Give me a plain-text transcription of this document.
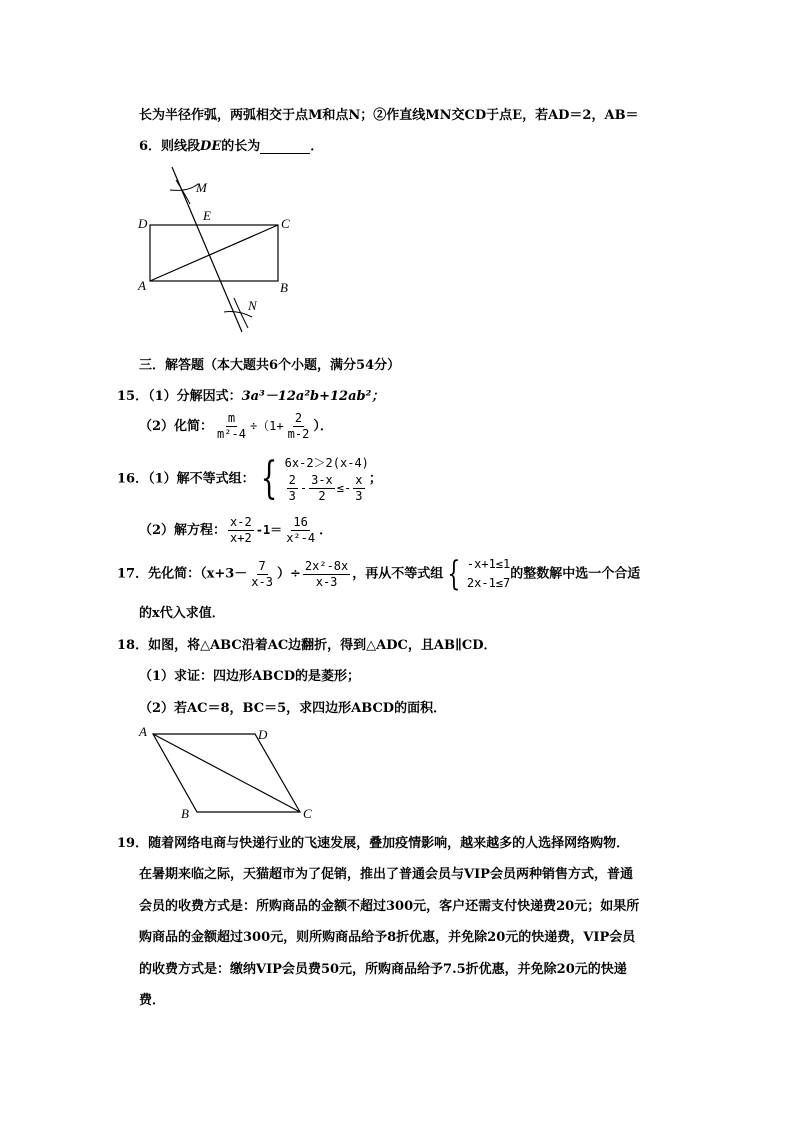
长为半径作弧，两弧相交于点M和点N；②作直线MN交CD于点E，若AD＝2，AB＝
6．则线段DE的长为	．
M
N
D
E
C
A	B
三．解答题（本大题共6个小题，满分54分）
15．（1）分解因式：3a³－12a²b+12ab²；
（2）化简： $\frac{m}{\text{m²-4}} \div(1+ \frac{2}{m-2}$ ）．
16．（1）解不等式组： { 6x-2＞2(x-4)
$\frac{2}{3} - \frac{3-x}{2} \le- \frac{x}{3}$ ；
（2）解方程： $\frac{x-2}{x+2} -1= \frac{16}{\text{x²-4}}$ ．
17．先化简：（$x+3- \frac{7}{x-3}$ ）÷ $\frac{\text{2x²-8x}}{x-3}$ ，再从不等式组 { -x+1≤1
2x-1≤7
的整数解中选一个合适
的x代入求值．
18．如图，将△ABC沿着AC边翻折，得到△ADC，且AB∥CD．
（1）求证：四边形ABCD的是菱形；
（2）若AC＝8，BC＝5，求四边形ABCD的面积．
A	D
B	C
19．随着网络电商与快递行业的飞速发展，叠加疫情影响，越来越多的人选择网络购物．
在暑期来临之际，天猫超市为了促销，推出了普通会员与VIP会员两种销售方式，普通
会员的收费方式是：所购商品的金额不超过300元，客户还需支付快递费20元；如果所
购商品的金额超过300元，则所购商品给予8折优惠，并免除20元的快递费，VIP会员
的收费方式是：缴纳VIP会员费50元，所购商品给予7.5折优惠，并免除20元的快递
费．
